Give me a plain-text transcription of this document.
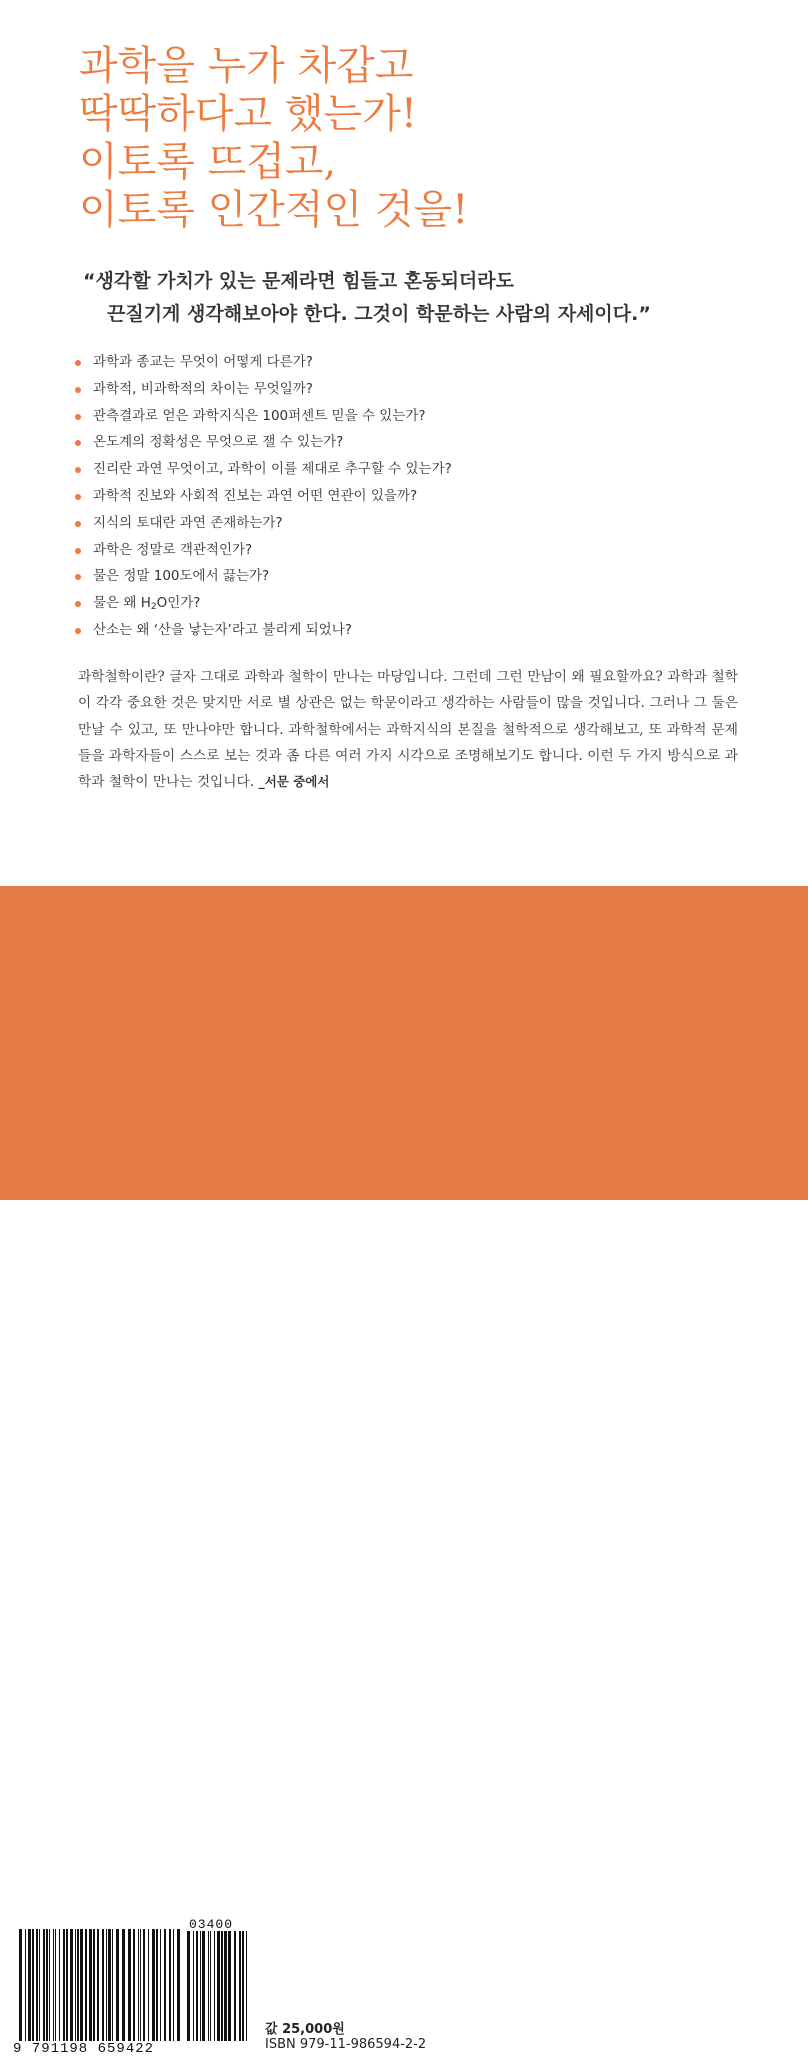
과학을 누가 차갑고
딱딱하다고 했는가!
이토록 뜨겁고,
이토록 인간적인 것을!

“생각할 가치가 있는 문제라면 힘들고 혼동되더라도
끈질기게 생각해보아야 한다. 그것이 학문하는 사람의 자세이다.”

과학과 종교는 무엇이 어떻게 다른가?
과학적, 비과학적의 차이는 무엇일까?
관측결과로 얻은 과학지식은 100퍼센트 믿을 수 있는가?
온도계의 정확성은 무엇으로 잴 수 있는가?
진리란 과연 무엇이고, 과학이 이를 제대로 추구할 수 있는가?
과학적 진보와 사회적 진보는 과연 어떤 연관이 있을까?
지식의 토대란 과연 존재하는가?
과학은 정말로 객관적인가?
물은 정말 100도에서 끓는가?
물은 왜 $H_2O$인가?
산소는 왜 ‘산을 낳는자’라고 불리게 되었나?

과학철학이란? 글자 그대로 과학과 철학이 만나는 마당입니다. 그런데 그런 만남이 왜 필요할까요? 과학과 철학이 각각 중요한 것은 맞지만 서로 별 상관은 없는 학문이라고 생각하는 사람들이 많을 것입니다. 그러나 그 둘은 만날 수 있고, 또 만나야만 합니다. 과학철학에서는 과학지식의 본질을 철학적으로 생각해보고, 또 과학적 문제들을 과학자들이 스스로 보는 것과 좀 다른 여러 가지 시각으로 조명해보기도 합니다. 이런 두 가지 방식으로 과학과 철학이 만나는 것입니다. _서문 중에서

9 791198 659422
03400
값 25,000원
ISBN 979-11-986594-2-2
